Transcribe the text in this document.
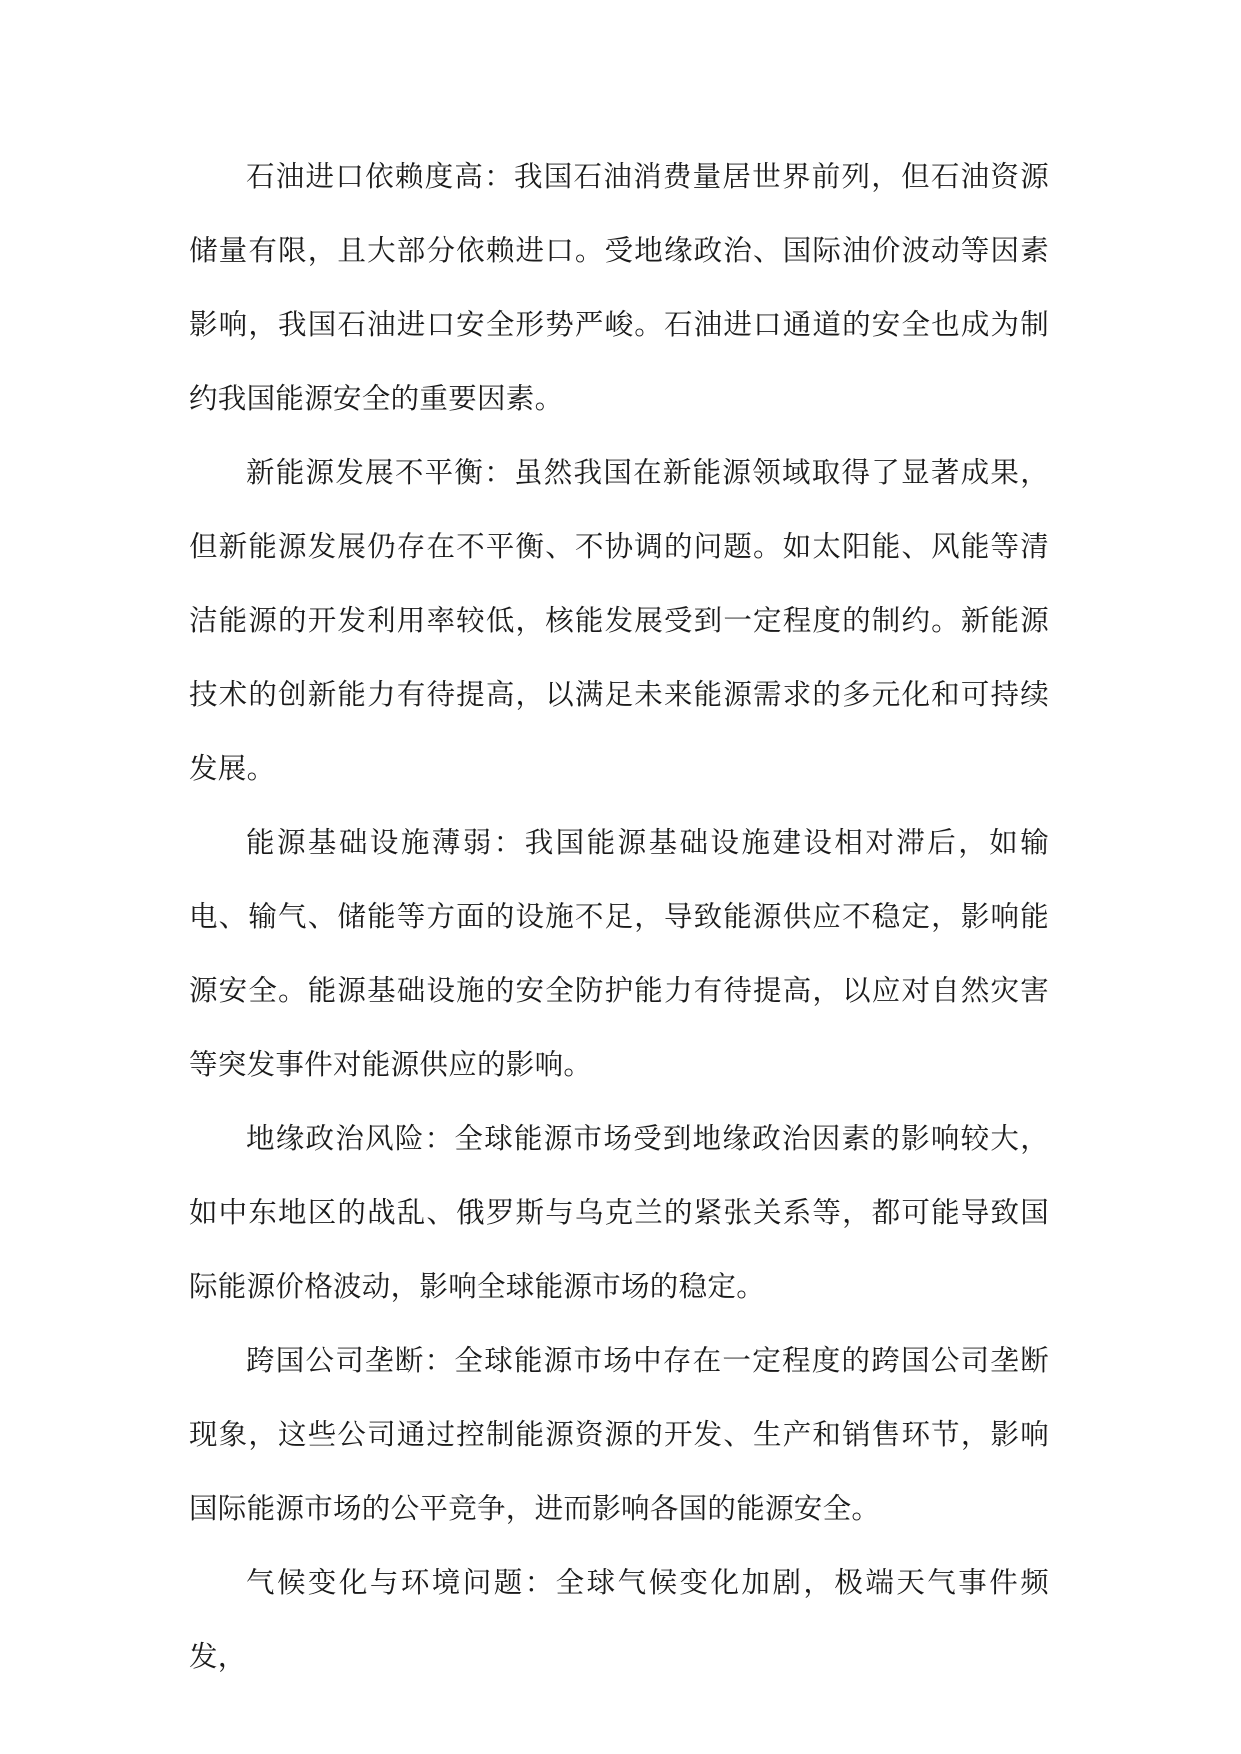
石油进口依赖度高：我国石油消费量居世界前列，但石油资源储量有限，且大部分依赖进口。受地缘政治、国际油价波动等因素影响，我国石油进口安全形势严峻。石油进口通道的安全也成为制约我国能源安全的重要因素。

新能源发展不平衡：虽然我国在新能源领域取得了显著成果，但新能源发展仍存在不平衡、不协调的问题。如太阳能、风能等清洁能源的开发利用率较低，核能发展受到一定程度的制约。新能源技术的创新能力有待提高，以满足未来能源需求的多元化和可持续发展。

能源基础设施薄弱：我国能源基础设施建设相对滞后，如输电、输气、储能等方面的设施不足，导致能源供应不稳定，影响能源安全。能源基础设施的安全防护能力有待提高，以应对自然灾害等突发事件对能源供应的影响。

地缘政治风险：全球能源市场受到地缘政治因素的影响较大，如中东地区的战乱、俄罗斯与乌克兰的紧张关系等，都可能导致国际能源价格波动，影响全球能源市场的稳定。

跨国公司垄断：全球能源市场中存在一定程度的跨国公司垄断现象，这些公司通过控制能源资源的开发、生产和销售环节，影响国际能源市场的公平竞争，进而影响各国的能源安全。

气候变化与环境问题：全球气候变化加剧，极端天气事件频发，
